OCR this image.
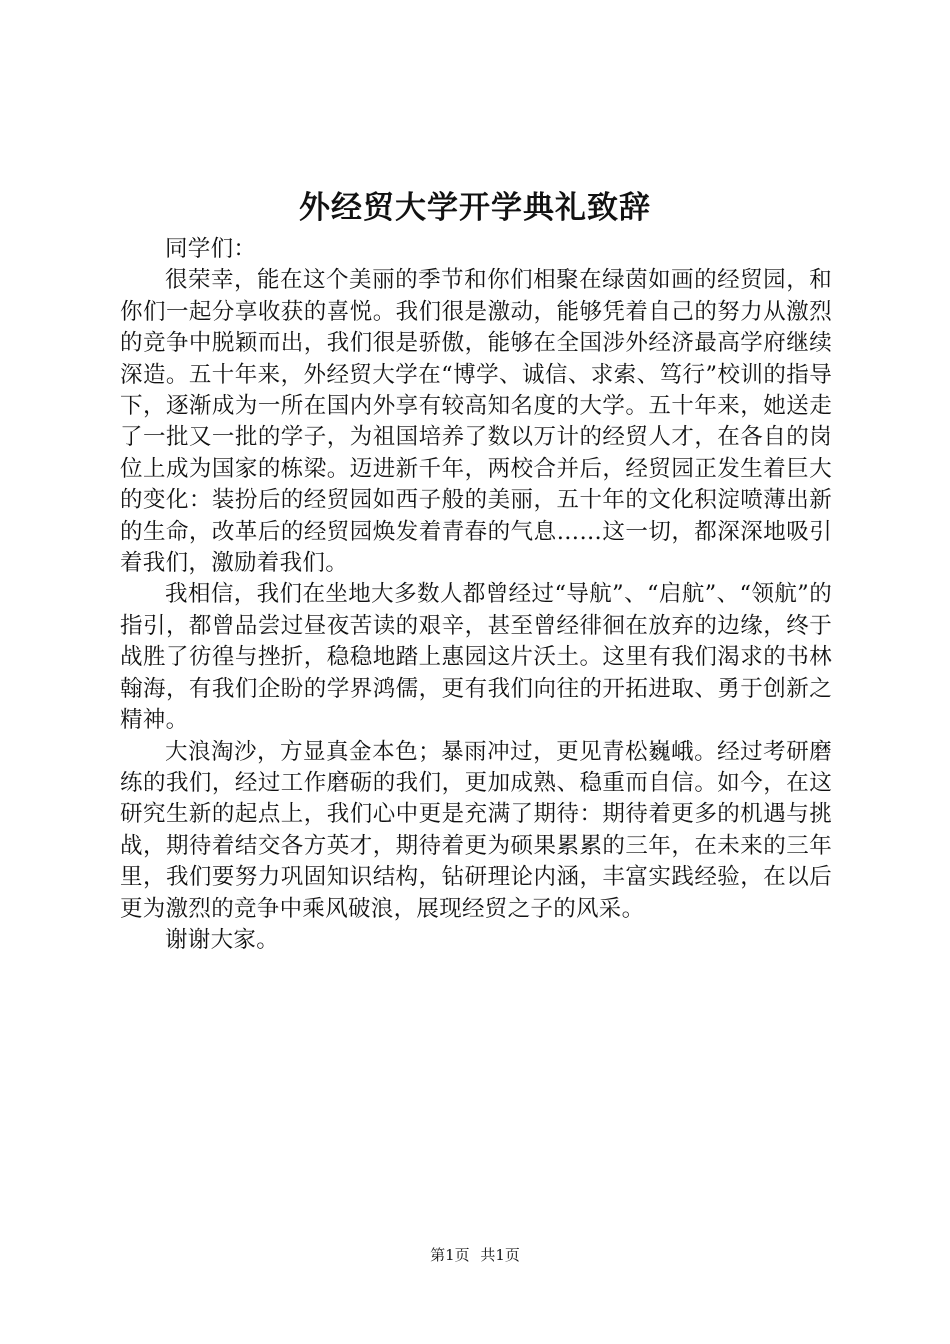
外经贸大学开学典礼致辞

同学们：

很荣幸，能在这个美丽的季节和你们相聚在绿茵如画的经贸园，和你们一起分享收获的喜悦。我们很是激动，能够凭着自己的努力从激烈的竞争中脱颖而出，我们很是骄傲，能够在全国涉外经济最高学府继续深造。五十年来，外经贸大学在“博学、诚信、求索、笃行”校训的指导下，逐渐成为一所在国内外享有较高知名度的大学。五十年来，她送走了一批又一批的学子，为祖国培养了数以万计的经贸人才，在各自的岗位上成为国家的栋梁。迈进新千年，两校合并后，经贸园正发生着巨大的变化：装扮后的经贸园如西子般的美丽，五十年的文化积淀喷薄出新的生命，改革后的经贸园焕发着青春的气息……这一切，都深深地吸引着我们，激励着我们。

我相信，我们在坐地大多数人都曾经过“导航”、“启航”、“领航”的指引，都曾品尝过昼夜苦读的艰辛，甚至曾经徘徊在放弃的边缘，终于战胜了彷徨与挫折，稳稳地踏上惠园这片沃土。这里有我们渴求的书林翰海，有我们企盼的学界鸿儒，更有我们向往的开拓进取、勇于创新之精神。

大浪淘沙，方显真金本色；暴雨冲过，更见青松巍峨。经过考研磨练的我们，经过工作磨砺的我们，更加成熟、稳重而自信。如今，在这研究生新的起点上，我们心中更是充满了期待：期待着更多的机遇与挑战，期待着结交各方英才，期待着更为硕果累累的三年，在未来的三年里，我们要努力巩固知识结构，钻研理论内涵，丰富实践经验，在以后更为激烈的竞争中乘风破浪，展现经贸之子的风采。

谢谢大家。

第1页 共1页
